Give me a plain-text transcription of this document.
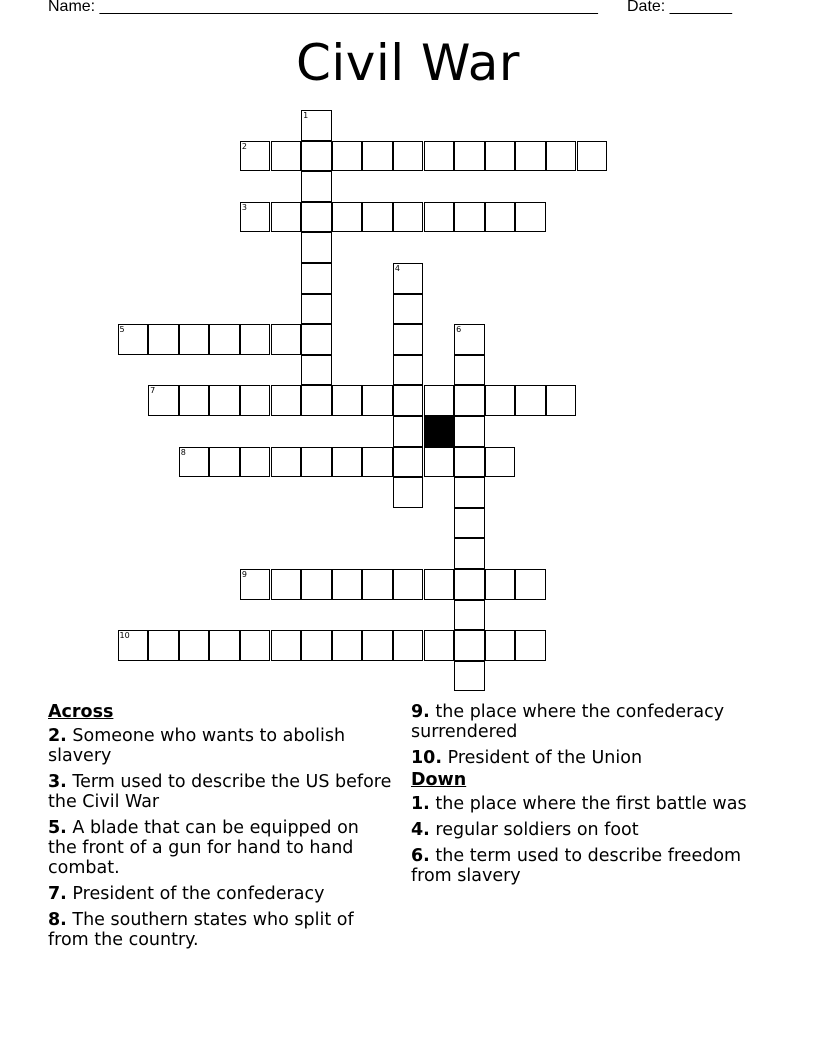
Name: ________________________________________________________ Date: _______
Civil War
1
2
3
4
5	6
7
8
9
10
Across
2. Someone who wants to abolish slavery
3. Term used to describe the US before the Civil War
5. A blade that can be equipped on the front of a gun for hand to hand combat.
7. President of the confederacy
8. The southern states who split of from the country.
9. the place where the confederacy surrendered
10. President of the Union
Down
1. the place where the first battle was
4. regular soldiers on foot
6. the term used to describe freedom from slavery
